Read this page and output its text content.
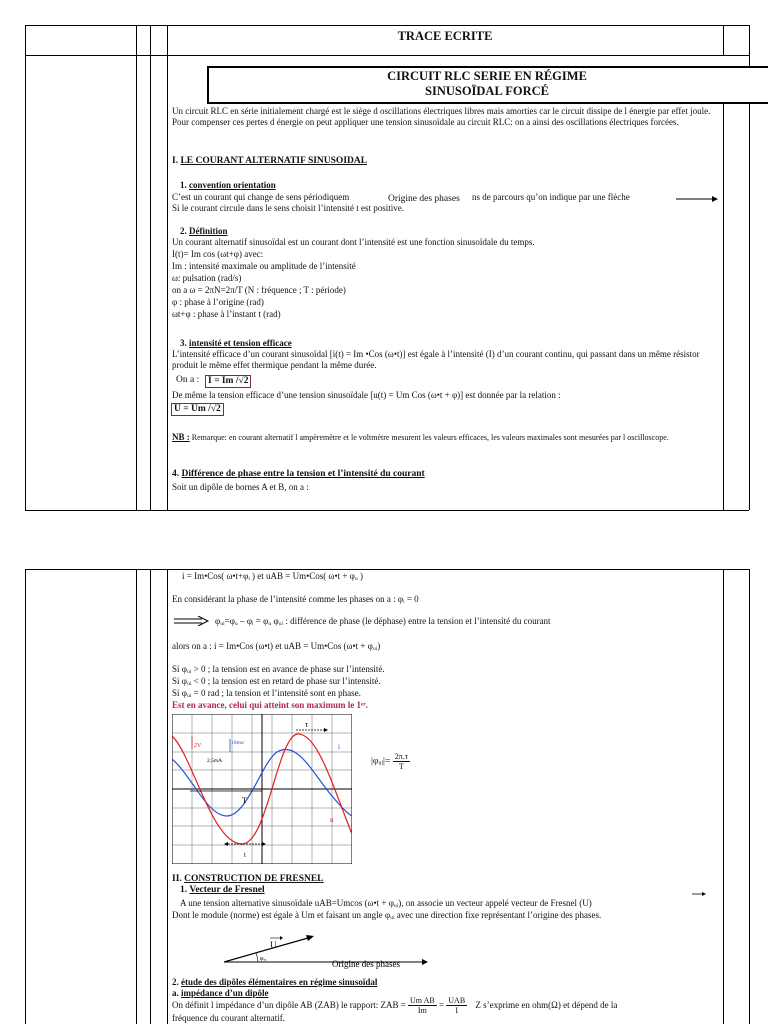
TRACE ECRITE
CIRCUIT RLC SERIE EN RÉGIME
SINUSOÏDAL FORCÉ
Un circuit RLC en série initialement chargé est le siège d oscillations électriques libres mais amorties car le circuit dissipe de l énergie par effet joule. Pour compenser ces pertes d énergie on peut appliquer une tension sinusoïdale au circuit RLC: on a ainsi des oscillations électriques forcées.
I. LE COURANT ALTERNATIF SINUSOIDAL
1. convention orientation
C’est un courant qui change de sens périodiquem	Origine des phases ns de parcours qu’on indique par une flèche
Si le courant circule dans le sens choisit l’intensité t est positive.
2. Définition
Un courant alternatif sinusoïdal est un courant dont l’intensité est une fonction sinusoïdale du temps.
I(t)= Im cos (ωt+φ) avec:
Im : intensité maximale ou amplitude de l’intensité
ω: pulsation (rad/s)
on a ω = 2πN=2π/T (N : fréquence ; T : période)
φ : phase à l’origine (rad)
ωt+φ : phase à l’instant t (rad)
3. intensité et tension efficace
L’intensité efficace d’un courant sinusoïdal [i(t) = Im •Cos (ω•t)] est égale à l’intensité (I) d’un courant continu, qui passant dans un même résistor produit le même effet thermique pendant la même durée.
On a : I = Im /√2
De même la tension efficace d’une tension sinusoïdale [u(t) = Um Cos (ω•t + φ)] est donnée par la relation :
U = Um /√2
NB : Remarque: en courant alternatif l ampèremètre et le voltmètre mesurent les valeurs efficaces, les valeurs maximales sont mesurées par l oscilloscope.
4. Différence de phase entre la tension et l’intensité du courant
Soit un dipôle de bornes A et B, on a :
i = Im•Cos( ω•t+φᵢ ) et uAB = Um•Cos( ω•t + φᵤ )
En considérant la phase de l’intensité comme les phases on a : φᵢ = 0
φᵤᵢ=φᵤ – φᵢ = φᵤ φᵤᵢ : différence de phase (le déphase) entre la tension et l’intensité du courant
alors on a : i = Im•Cos (ω•t) et uAB = Um•Cos (ω•t + φᵤᵢ)
Si φᵤᵢ > 0 ; la tension est en avance de phase sur l’intensité.
Si φᵤᵢ < 0 ; la tension est en retard de phase sur l’intensité.
Si φᵤᵢ = 0 rad ; la tension et l’intensité sont en phase.
Est en avance, celui qui atteint son maximum le 1ᵉʳ.
τ
i
u
T
t
2V	10ms/
2,5mA	|φᵤᵢ|= $\frac{2\pi.\tau}{T}$
II. CONSTRUCTION DE FRESNEL
1. Vecteur de Fresnel
A une tension alternative sinusoïdale uAB=Umcos (ω•t + φᵤᵢ), on associe un vecteur appelé vecteur de Fresnel (U)
Dont le module (norme) est égale à Um et faisant un angle φᵤᵢ avec une direction fixe représentant l’origine des phases.
U
φᵤᵢ	Origine des phases
2. étude des dipôles élémentaires en régime sinusoïdal
a. impédance d’un dipôle
On définit l impédance d’un dipôle AB (ZAB) le rapport: ZAB = $\frac{\text{Um AB}}{Im} = \frac{\text{UAB}}{I}$ Z s’exprime en ohm(Ω) et dépend de la
fréquence du courant alternatif.
